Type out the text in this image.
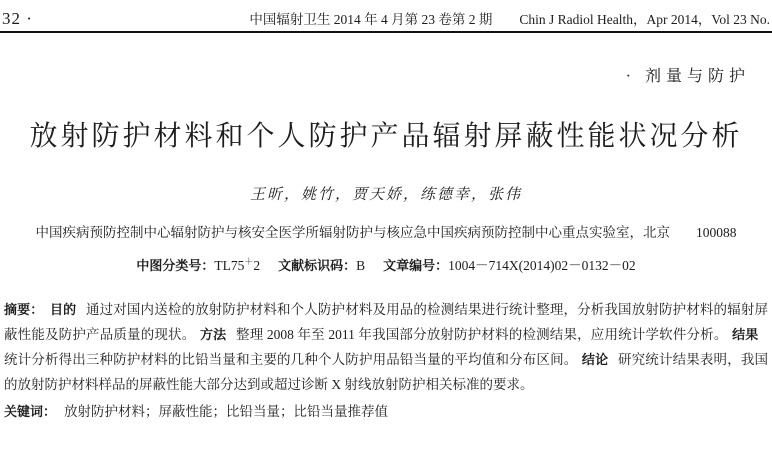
32 ·	中国辐射卫生 2014 年 4 月第 23 卷第 2 期　　Chin J Radiol Health，Apr 2014，Vol 23 No.
· 剂量与防护
放射防护材料和个人防护产品辐射屏蔽性能状况分析
王昕，姚竹，贾天娇，练德幸，张伟
中国疾病预防控制中心辐射防护与核安全医学所辐射防护与核应急中国疾病预防控制中心重点实验室，北京 100088
中图分类号：TL75＋2 文献标识码：B 文章编号：1004－714X(2014)02－0132－02

摘要： 目的 通过对国内送检的放射防护材料和个人防护材料及用品的检测结果进行统计整理，分析我国放射防护材料的辐射屏蔽性能及防护产品质量的现状。 方法 整理 2008 年至 2011 年我国部分放射防护材料的检测结果，应用统计学软件分析。 结果统计分析得出三种防护材料的比铅当量和主要的几种个人防护用品铅当量的平均值和分布区间。 结论 研究统计结果表明，我国的放射防护材料样品的屏蔽性能大部分达到或超过诊断 X 射线放射防护相关标准的要求。

关键词： 放射防护材料；屏蔽性能；比铅当量；比铅当量推荐值
